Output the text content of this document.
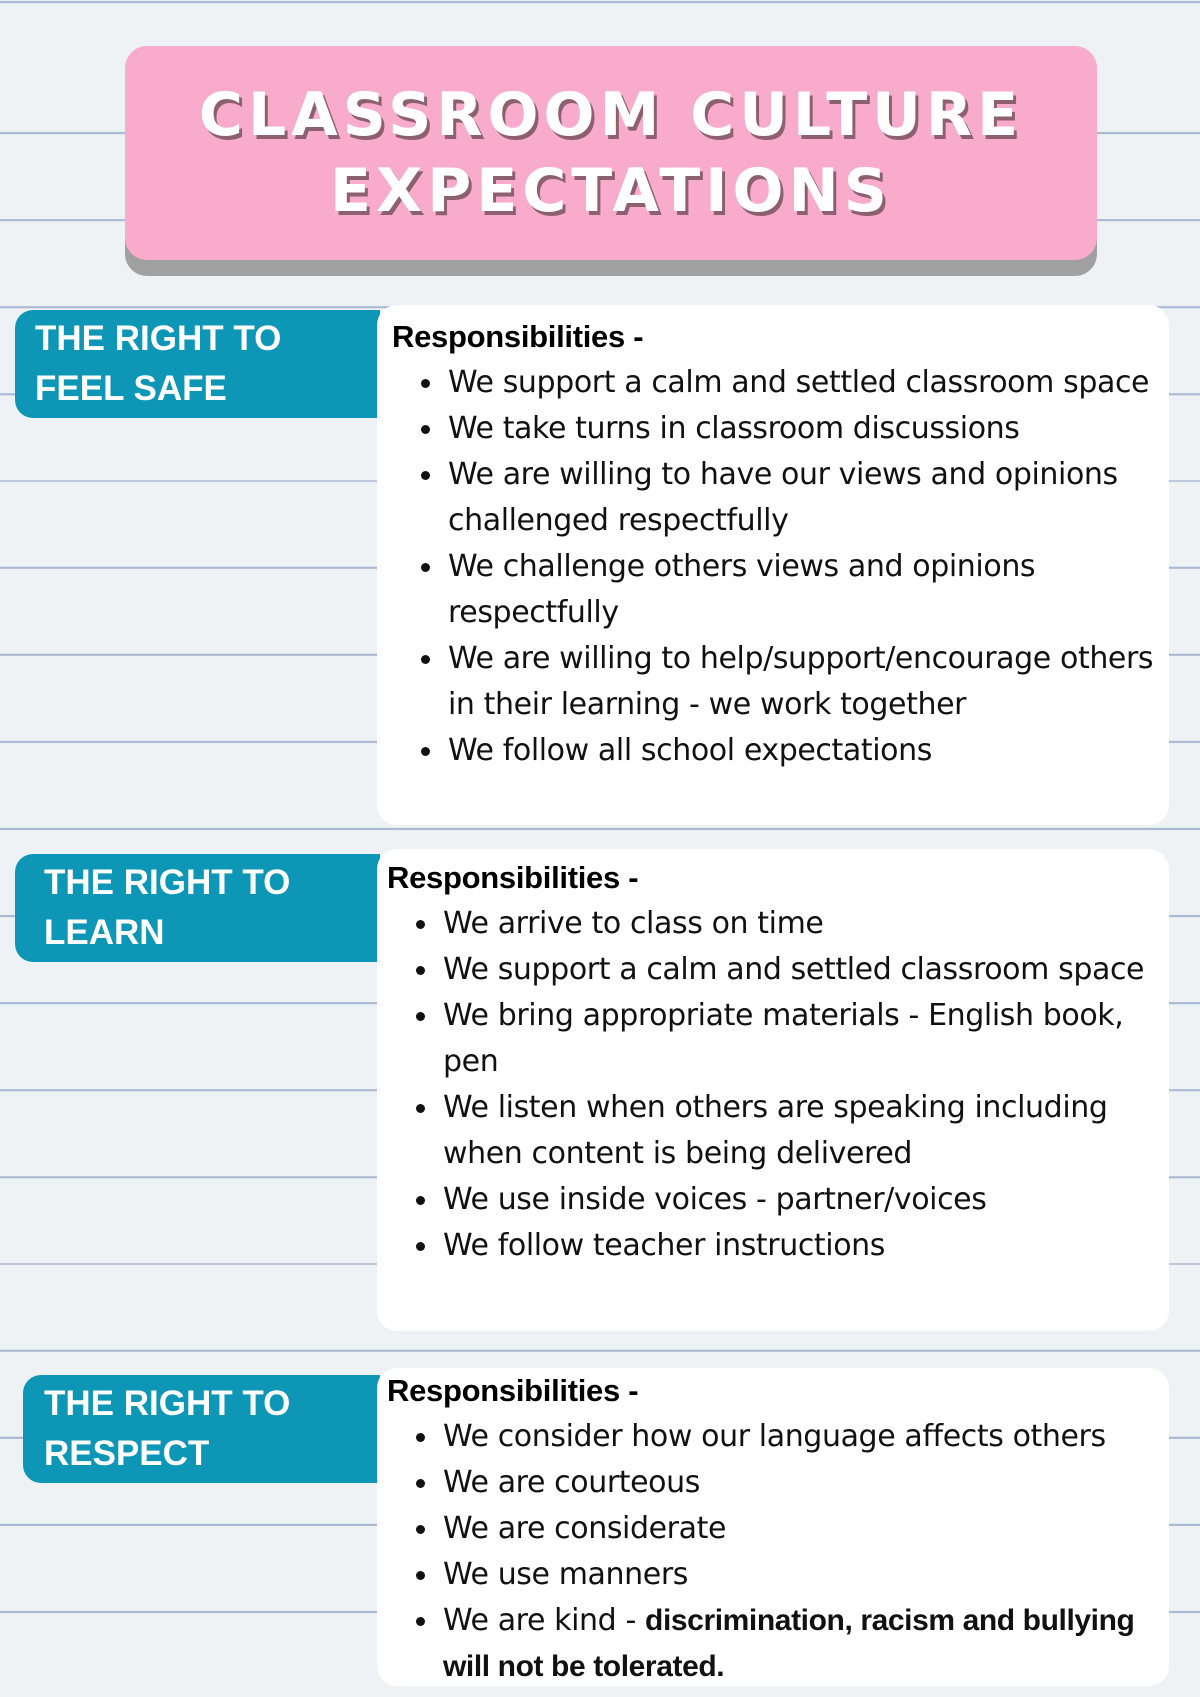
CLASSROOM CULTURE
EXPECTATIONS
THE RIGHT TO
FEEL SAFE

Responsibilities -

We support a calm and settled classroom space
We take turns in classroom discussions
We are willing to have our views and opinions challenged respectfully
We challenge others views and opinions respectfully
We are willing to help/support/encourage others in their learning - we work together
We follow all school expectations
THE RIGHT TO
LEARN

Responsibilities -

We arrive to class on time
We support a calm and settled classroom space
We bring appropriate materials - English book, pen
We listen when others are speaking including when content is being delivered
We use inside voices - partner/voices
We follow teacher instructions
THE RIGHT TO
RESPECT

Responsibilities -

We consider how our language affects others
We are courteous
We are considerate
We use manners
We are kind - discrimination, racism and bullying will not be tolerated.
